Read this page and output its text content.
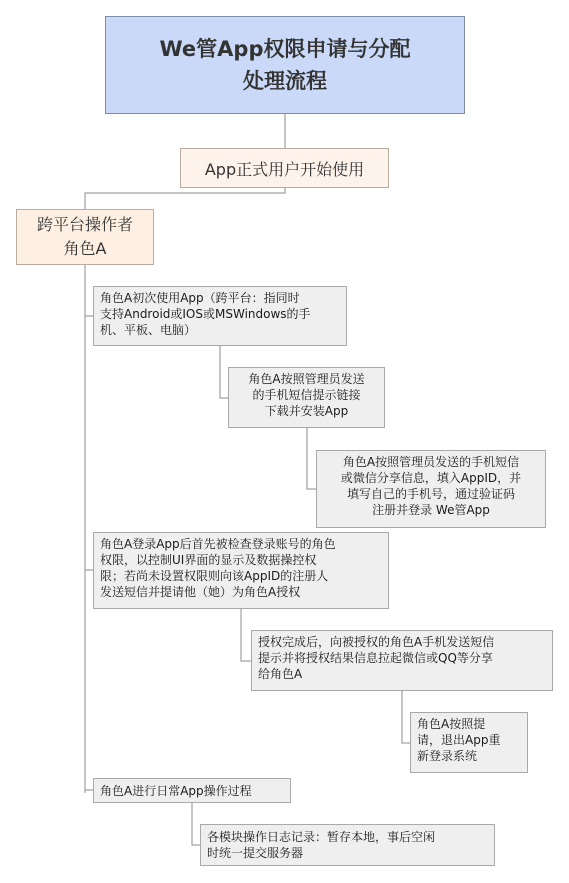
We管App权限申请与分配
处理流程
App正式用户开始使用
跨平台操作者
角色A
角色A初次使用App（跨平台：指同时
支持Android或IOS或MSWindows的手
机、平板、电脑）
角色A按照管理员发送
的手机短信提示链接
下载并安装App
角色A按照管理员发送的手机短信
或微信分享信息，填入AppID，并
填写自己的手机号，通过验证码
注册并登录 We管App
角色A登录App后首先被检查登录账号的角色
权限，以控制UI界面的显示及数据操控权
限；若尚未设置权限则向该AppID的注册人
发送短信并提请他（她）为角色A授权
授权完成后，向被授权的角色A手机发送短信
提示并将授权结果信息拉起微信或QQ等分享
给角色A
角色A按照提
请，退出App重
新登录系统
角色A进行日常App操作过程
各模块操作日志记录：暂存本地，事后空闲
时统一提交服务器
